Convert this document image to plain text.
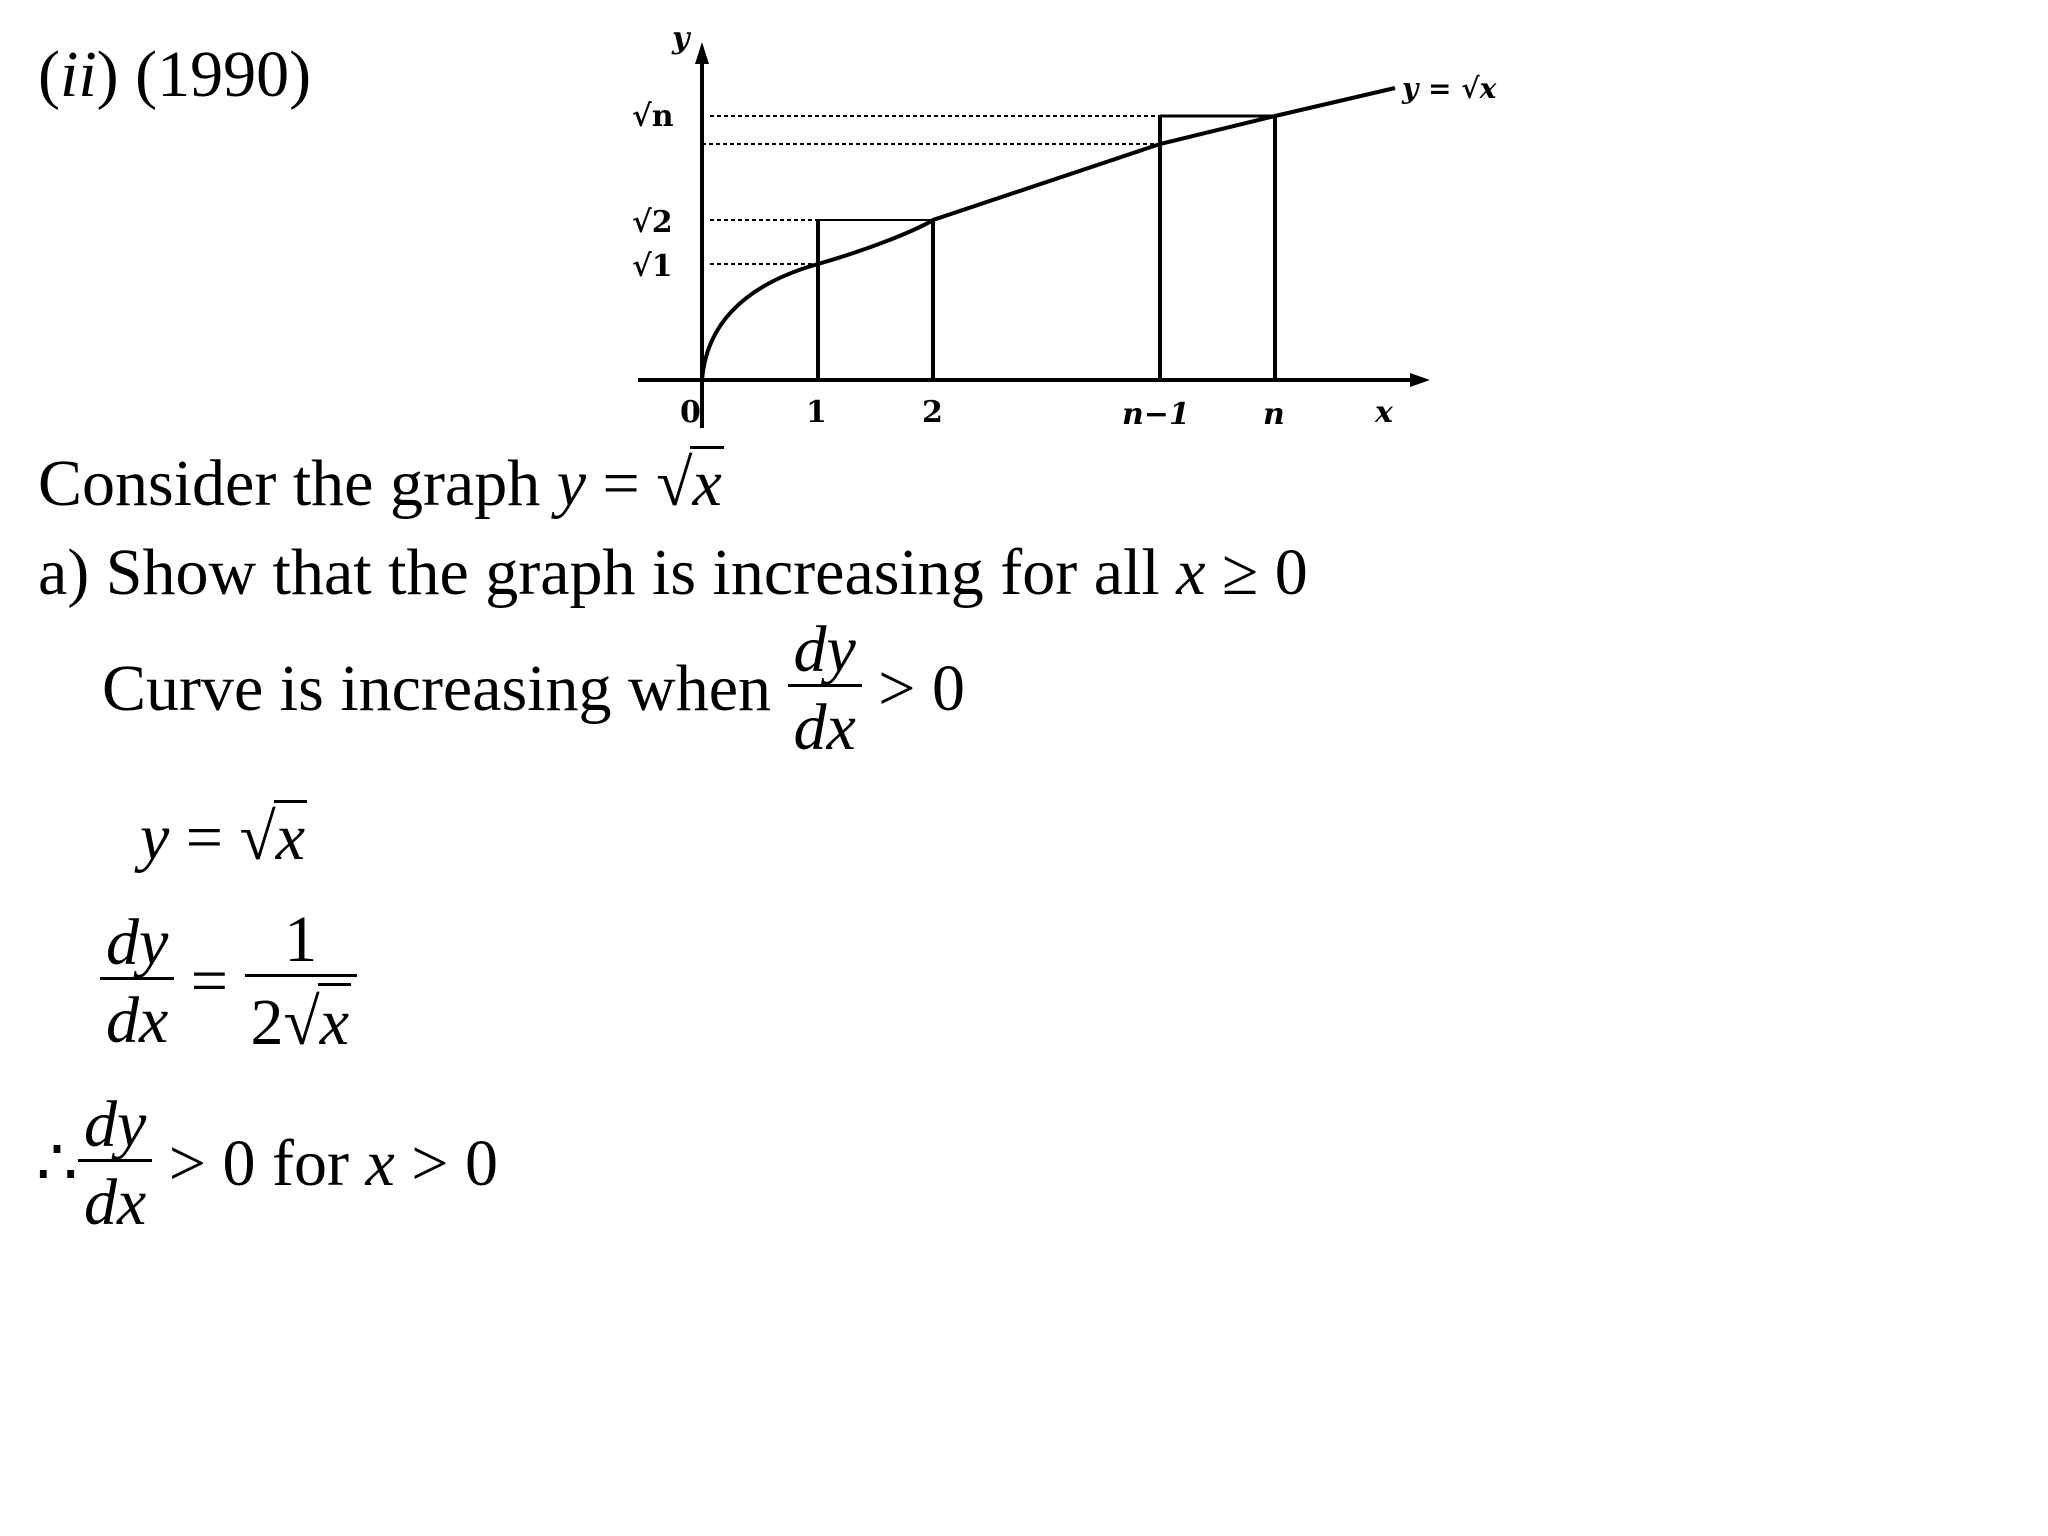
(ii) (1990)	y
x
0	1	2	n−1 n
√n
√2
√1
y = √x
Consider the graph y = √x
a) Show that the graph is increasing for all x ≥ 0
Curve is increasing when $\frac{dy}{dx} > 0$
y = √x
$\frac{dy}{dx} = \frac{1}{2√x}$
∴ $\frac{dy}{dx} > 0$ for x > 0
